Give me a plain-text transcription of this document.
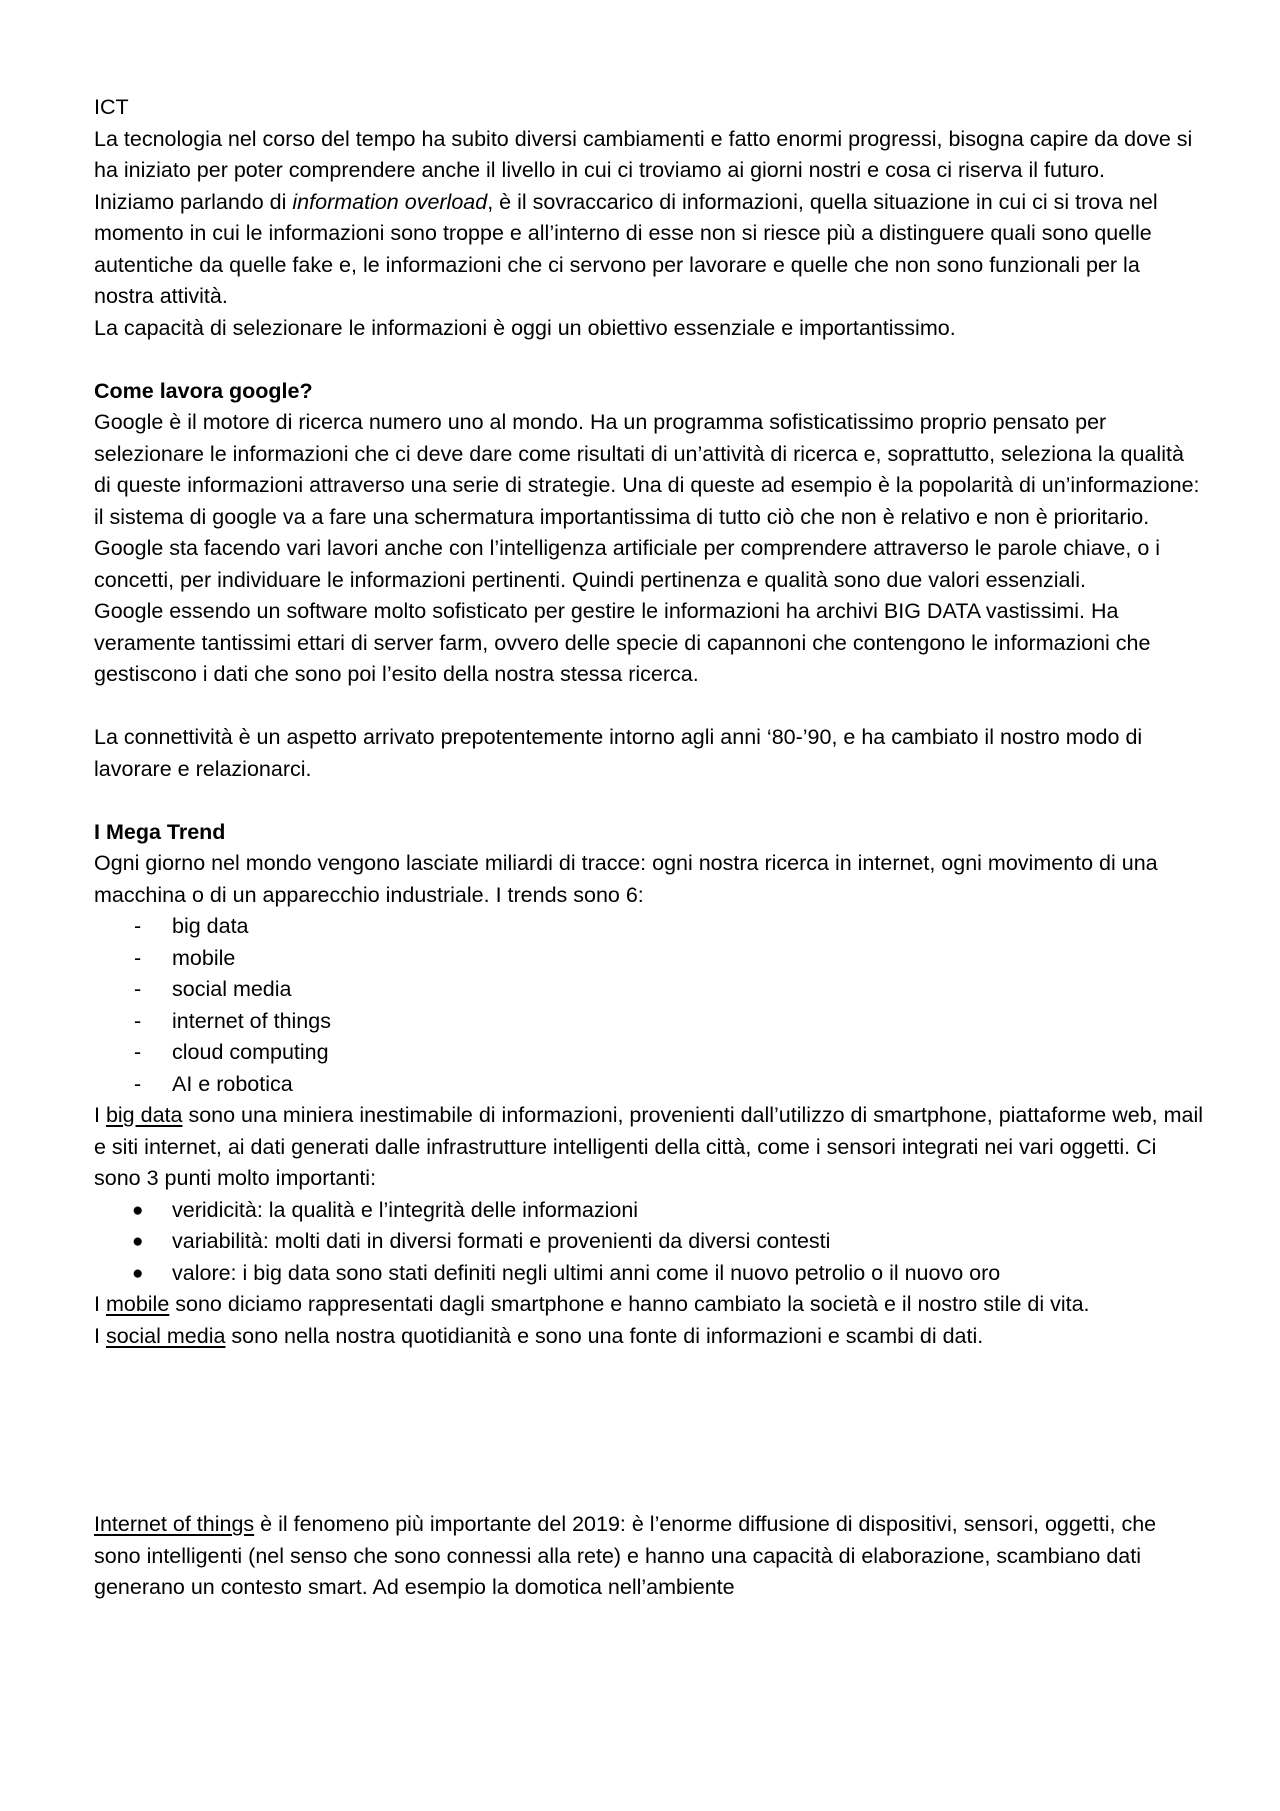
ICT

La tecnologia nel corso del tempo ha subito diversi cambiamenti e fatto enormi progressi, bisogna capire da dove si ha iniziato per poter comprendere anche il livello in cui ci troviamo ai giorni nostri e cosa ci riserva il futuro.

Iniziamo parlando di information overload, è il sovraccarico di informazioni, quella situazione in cui ci si trova nel momento in cui le informazioni sono troppe e all’interno di esse non si riesce più a distinguere quali sono quelle autentiche da quelle fake e, le informazioni che ci servono per lavorare e quelle che non sono funzionali per la nostra attività.

La capacità di selezionare le informazioni è oggi un obiettivo essenziale e importantissimo.

Come lavora google?

Google è il motore di ricerca numero uno al mondo. Ha un programma sofisticatissimo proprio pensato per selezionare le informazioni che ci deve dare come risultati di un’attività di ricerca e, soprattutto, seleziona la qualità di queste informazioni attraverso una serie di strategie. Una di queste ad esempio è la popolarità di un’informazione: il sistema di google va a fare una schermatura importantissima di tutto ciò che non è relativo e non è prioritario.

Google sta facendo vari lavori anche con l’intelligenza artificiale per comprendere attraverso le parole chiave, o i concetti, per individuare le informazioni pertinenti. Quindi pertinenza e qualità sono due valori essenziali.

Google essendo un software molto sofisticato per gestire le informazioni ha archivi BIG DATA vastissimi. Ha veramente tantissimi ettari di server farm, ovvero delle specie di capannoni che contengono le informazioni che gestiscono i dati che sono poi l’esito della nostra stessa ricerca.

La connettività è un aspetto arrivato prepotentemente intorno agli anni ‘80-’90, e ha cambiato il nostro modo di lavorare e relazionarci.

I Mega Trend

Ogni giorno nel mondo vengono lasciate miliardi di tracce: ogni nostra ricerca in internet, ogni movimento di una macchina o di un apparecchio industriale. I trends sono 6:

- big data
- mobile
- social media
- internet of things
- cloud computing
- AI e robotica

I big data sono una miniera inestimabile di informazioni, provenienti dall’utilizzo di smartphone, piattaforme web, mail e siti internet, ai dati generati dalle infrastrutture intelligenti della città, come i sensori integrati nei vari oggetti. Ci sono 3 punti molto importanti:

● veridicità: la qualità e l’integrità delle informazioni
● variabilità: molti dati in diversi formati e provenienti da diversi contesti
● valore: i big data sono stati definiti negli ultimi anni come il nuovo petrolio o il nuovo oro

I mobile sono diciamo rappresentati dagli smartphone e hanno cambiato la società e il nostro stile di vita.

I social media sono nella nostra quotidianità e sono una fonte di informazioni e scambi di dati.

Internet of things è il fenomeno più importante del 2019: è l’enorme diffusione di dispositivi, sensori, oggetti, che sono intelligenti (nel senso che sono connessi alla rete) e hanno una capacità di elaborazione, scambiano dati generano un contesto smart. Ad esempio la domotica nell’ambiente
